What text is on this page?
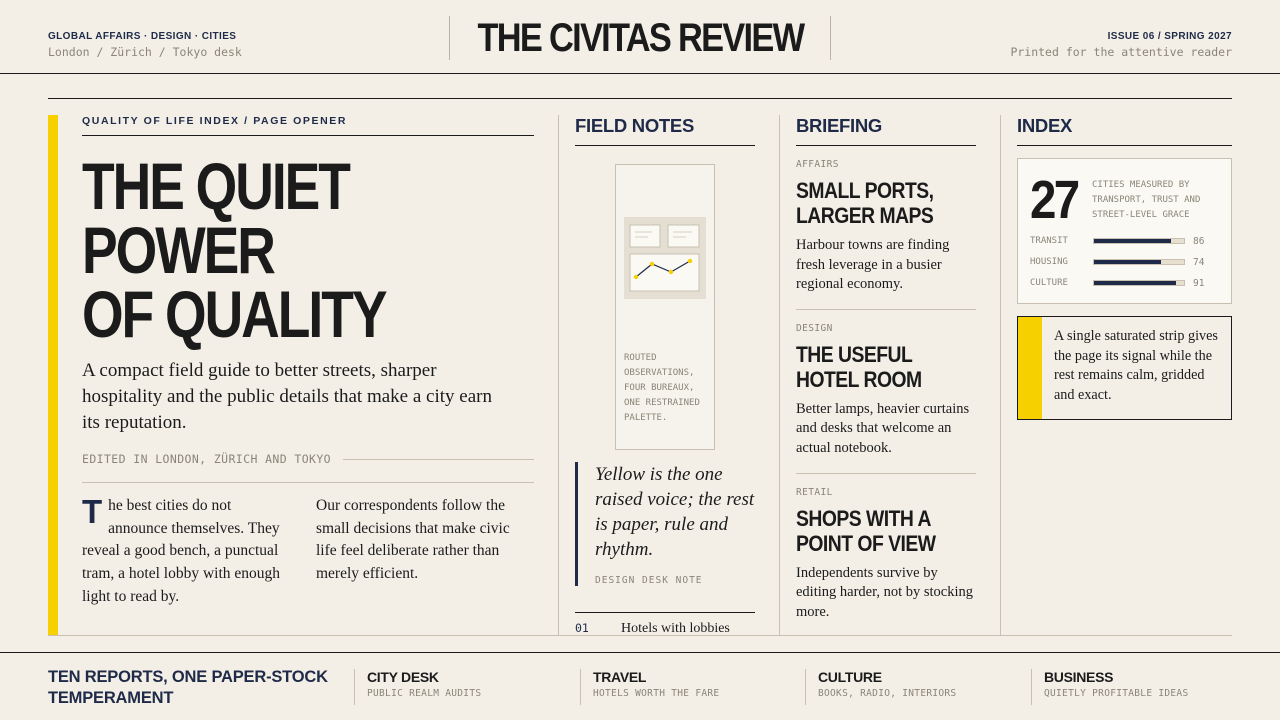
GLOBAL AFFAIRS · DESIGN · CITIES
London / Zürich / Tokyo desk	THE CIVITAS REVIEW	ISSUE 06 / SPRING 2027
Printed for the attentive reader
QUALITY OF LIFE INDEX / PAGE OPENER
THE QUIET POWER
OF QUALITY

A compact field guide to better streets, sharper hospitality and the public details that make a city earn its reputation.

EDITED IN LONDON, ZÜRICH AND TOKYO

The best cities do not announce themselves. They reveal a good bench, a punctual tram, a hotel lobby with enough light to read by.

Our correspondents follow the small decisions that make civic life feel deliberate rather than merely efficient.

FIELD NOTES
ROUTED OBSERVATIONS, FOUR BUREAUX, ONE RESTRAINED PALETTE.
Yellow is the one raised voice; the rest is paper, rule and rhythm.
DESIGN DESK NOTE
01	Hotels with lobbies
BRIEFING
AFFAIRS
SMALL PORTS, LARGER MAPS
Harbour towns are finding fresh leverage in a busier regional economy.
DESIGN
THE USEFUL HOTEL ROOM
Better lamps, heavier curtains and desks that welcome an actual notebook.
RETAIL
SHOPS WITH A POINT OF VIEW
Independents survive by editing harder, not by stocking more.
INDEX
27 CITIES MEASURED BY TRANSPORT, TRUST AND STREET-LEVEL GRACE
TRANSIT	86
HOUSING	74
CULTURE	91

A single saturated strip gives the page its signal while the rest remains calm, gridded and exact.

TEN REPORTS, ONE PAPER-STOCK TEMPERAMENT
CITY DESK
PUBLIC REALM AUDITS
TRAVEL
HOTELS WORTH THE FARE
CULTURE
BOOKS, RADIO, INTERIORS
BUSINESS
QUIETLY PROFITABLE IDEAS
